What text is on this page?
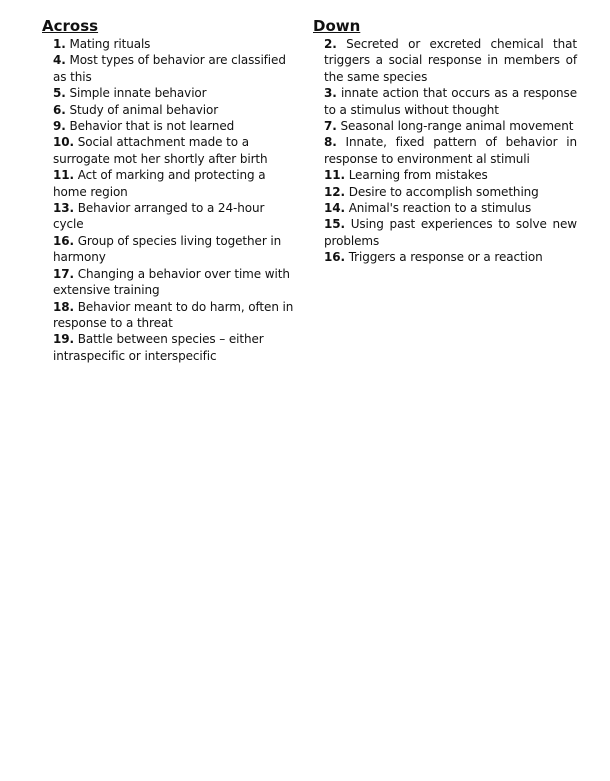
Across
1. Mating rituals
4. Most types of behavior are classified as this
5. Simple innate behavior
6. Study of animal behavior
9. Behavior that is not learned
10. Social attachment made to a surrogate mot her shortly after birth
11. Act of marking and protecting a home region
13. Behavior arranged to a 24-hour cycle
16. Group of species living together in harmony
17. Changing a behavior over time with extensive training
18. Behavior meant to do harm, often in response to a threat
19. Battle between species – either intraspecific or interspecific
Down
2. Secreted or excreted chemical that triggers a social response in members of the same species
3. innate action that occurs as a response to a stimulus without thought
7. Seasonal long-range animal movement
8. Innate, fixed pattern of behavior in response to environment al stimuli
11. Learning from mistakes
12. Desire to accomplish something
14. Animal's reaction to a stimulus
15. Using past experiences to solve new problems
16. Triggers a response or a reaction
